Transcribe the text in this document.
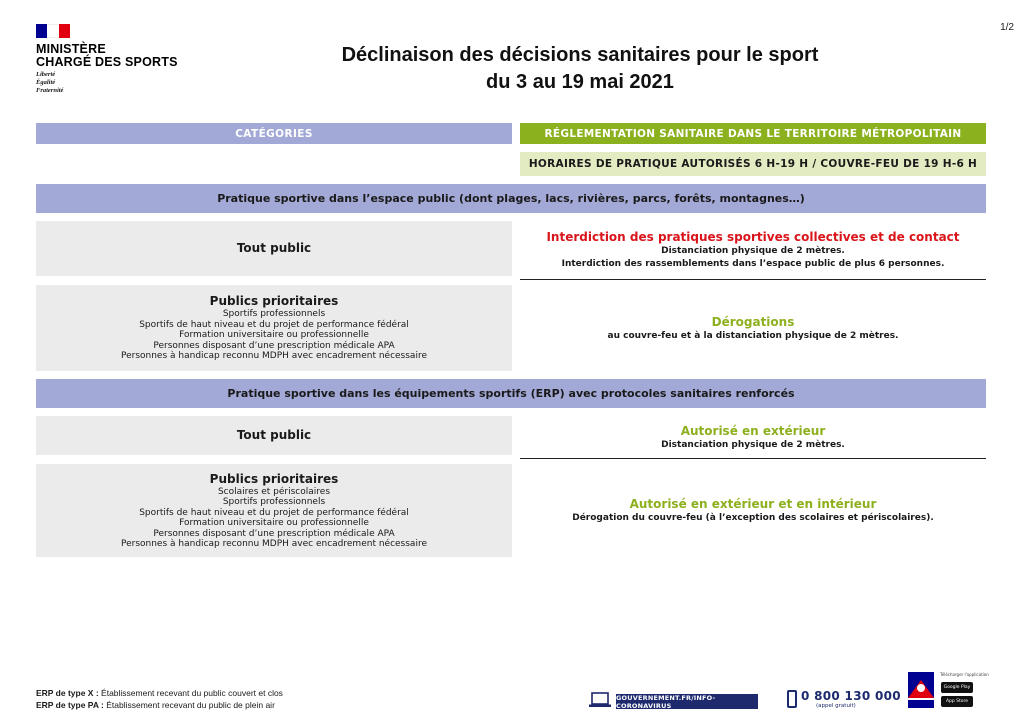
MINISTÈRE
CHARGÉ DES SPORTS
Liberté
Égalité
Fraternité
1/2
Déclinaison des décisions sanitaires pour le sport
du 3 au 19 mai 2021
CATÉGORIES	RÉGLEMENTATION SANITAIRE DANS LE TERRITOIRE MÉTROPOLITAIN
HORAIRES DE PRATIQUE AUTORISÉS 6 H-19 H / COUVRE-FEU DE 19 H-6 H
Pratique sportive dans l’espace public (dont plages, lacs, rivières, parcs, forêts, montagnes…)
Tout public
Interdiction des pratiques sportives collectives et de contact
Distanciation physique de 2 mètres.
Interdiction des rassemblements dans l’espace public de plus 6 personnes.
Publics prioritaires
Sportifs professionnels
Sportifs de haut niveau et du projet de performance fédéral
Formation universitaire ou professionnelle
Personnes disposant d’une prescription médicale APA
Personnes à handicap reconnu MDPH avec encadrement nécessaire
Dérogations
au couvre-feu et à la distanciation physique de 2 mètres.
Pratique sportive dans les équipements sportifs (ERP) avec protocoles sanitaires renforcés
Tout public	Autorisé en extérieur
Distanciation physique de 2 mètres.
Publics prioritaires
Scolaires et périscolaires
Sportifs professionnels
Sportifs de haut niveau et du projet de performance fédéral
Formation universitaire ou professionnelle
Personnes disposant d’une prescription médicale APA
Personnes à handicap reconnu MDPH avec encadrement nécessaire
Autorisé en extérieur et en intérieur
Dérogation du couvre-feu (à l’exception des scolaires et périscolaires).
ERP de type X : Établissement recevant du public couvert et clos
ERP de type PA : Établissement recevant du public de plein air
GOUVERNEMENT.FR/INFO-CORONAVIRUS
0 800 130 000
(appel gratuit)
Télécharger l'application
Google Play
App Store
